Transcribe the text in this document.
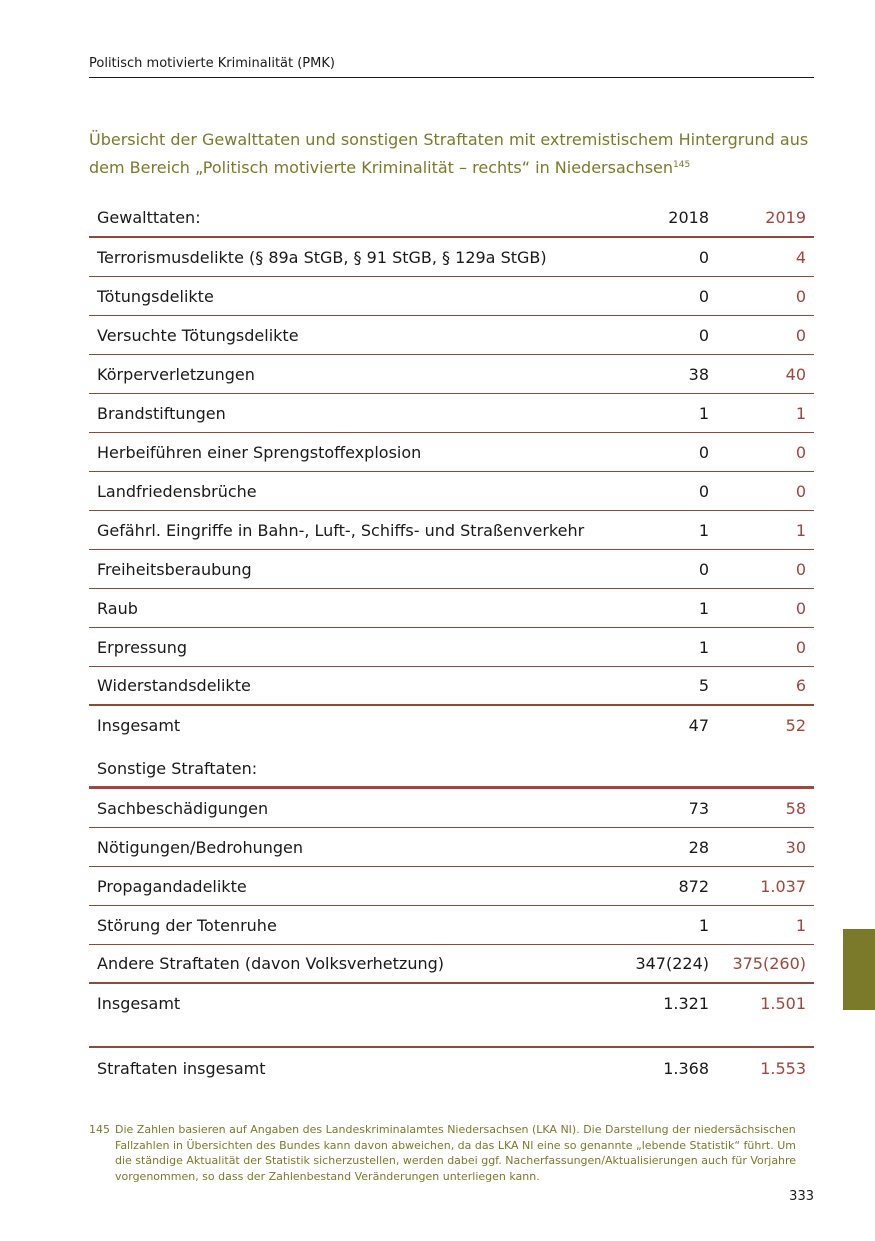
Politisch motivierte Kriminalität (PMK)
Übersicht der Gewalttaten und sonstigen Straftaten mit extremistischem Hintergrund aus dem Bereich „Politisch motivierte Kriminalität – rechts“ in Niedersachsen$^{145}$
Gewalttaten:	2018	2019
Terrorismusdelikte (§ 89a StGB, § 91 StGB, § 129a StGB)	0	4
Tötungsdelikte	0	0
Versuchte Tötungsdelikte	0	0
Körperverletzungen	38	40
Brandstiftungen	1	1
Herbeiführen einer Sprengstoffexplosion	0	0
Landfriedensbrüche	0	0
Gefährl. Eingriffe in Bahn-, Luft-, Schiffs- und Straßenverkehr	1	1
Freiheitsberaubung	0	0
Raub	1	0
Erpressung	1	0
Widerstandsdelikte	5	6
Insgesamt	47	52
Sonstige Straftaten:
Sachbeschädigungen	73	58
Nötigungen/Bedrohungen	28	30
Propagandadelikte	872	1.037
Störung der Totenruhe	1	1
Andere Straftaten (davon Volksverhetzung)	347(224)	375(260)
Insgesamt	1.321	1.501
Straftaten insgesamt	1.368	1.553
145 Die Zahlen basieren auf Angaben des Landeskriminalamtes Niedersachsen (LKA NI). Die Darstellung der niedersächsischen Fallzahlen in Übersichten des Bundes kann davon abweichen, da das LKA NI eine so genannte „lebende Statistik“ führt. Um die ständige Aktualität der Statistik sicherzustellen, werden dabei ggf. Nacherfassungen/Aktualisierungen auch für Vorjahre vorgenommen, so dass der Zahlenbestand Veränderungen unterliegen kann.
333
